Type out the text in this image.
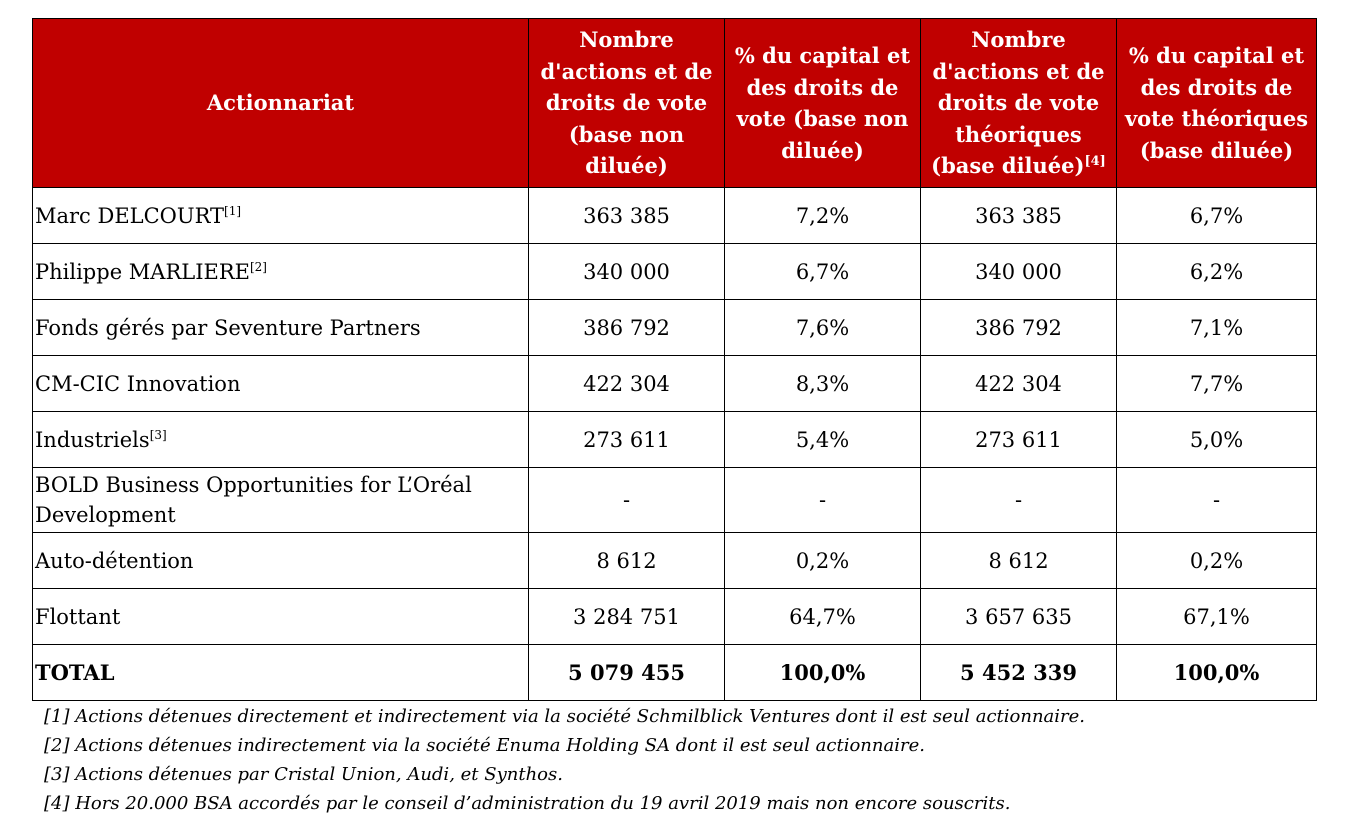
Actionnariat	Nombre d'actions et de droits de vote (base non diluée)	% du capital et des droits de vote (base non diluée)	Nombre d'actions et de droits de vote théoriques (base diluée)[4]	% du capital et des droits de vote théoriques (base diluée)
Marc DELCOURT[1]	363 385	7,2%	363 385	6,7%
Philippe MARLIERE[2]	340 000	6,7%	340 000	6,2%
Fonds gérés par Seventure Partners	386 792	7,6%	386 792	7,1%
CM-CIC Innovation	422 304	8,3%	422 304	7,7%
Industriels[3]	273 611	5,4%	273 611	5,0%
BOLD Business Opportunities for L’Oréal Development	-	-	-	-
Auto-détention	8 612	0,2%	8 612	0,2%
Flottant	3 284 751	64,7%	3 657 635	67,1%
TOTAL	5 079 455	100,0%	5 452 339	100,0%
[1] Actions détenues directement et indirectement via la société Schmilblick Ventures dont il est seul actionnaire.
[2] Actions détenues indirectement via la société Enuma Holding SA dont il est seul actionnaire.
[3] Actions détenues par Cristal Union, Audi, et Synthos.
[4] Hors 20.000 BSA accordés par le conseil d’administration du 19 avril 2019 mais non encore souscrits.
